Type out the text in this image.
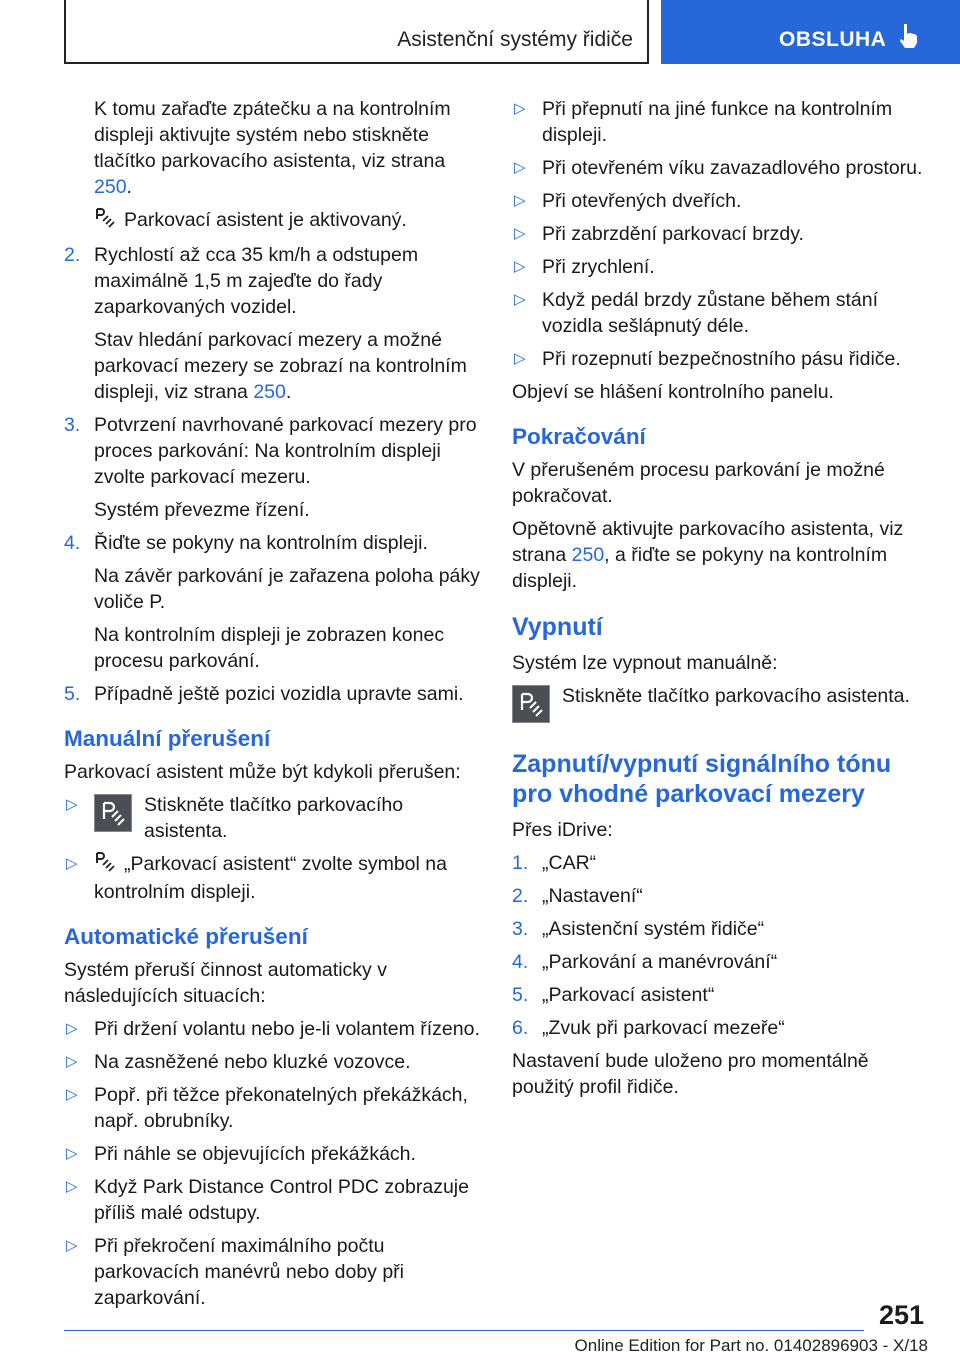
Asistenční systémy řidiče	OBSLUHA

K tomu zařaďte zpátečku a na kontrolním displeji aktivujte systém nebo stiskněte tlačítko parkovacího asistenta, viz strana 250.

Parkovací asistent je aktivovaný.

2. Rychlostí až cca 35 km/h a odstupem maximálně 1,5 m zajeďte do řady zaparkovaných vozidel.
Stav hledání parkovací mezery a možné parkovací mezery se zobrazí na kontrolním displeji, viz strana 250.
3. Potvrzení navrhované parkovací mezery pro proces parkování: Na kontrolním displeji zvolte parkovací mezeru.
Systém převezme řízení.
4. Řiďte se pokyny na kontrolním displeji.
Na závěr parkování je zařazena poloha páky voliče P.
Na kontrolním displeji je zobrazen konec procesu parkování.
5. Případně ještě pozici vozidla upravte sami.
Manuální přerušení

Parkovací asistent může být kdykoli přerušen:

▷	Stiskněte tlačítko parkovacího asistenta.
▷ „Parkovací asistent“ zvolte symbol na kontrolním displeji.
Automatické přerušení

Systém přeruší činnost automaticky v následujících situacích:

▷ Při držení volantu nebo je-li volantem řízeno.
▷ Na zasněžené nebo kluzké vozovce.
▷ Popř. při těžce překonatelných překážkách, např. obrubníky.
▷ Při náhle se objevujících překážkách.
▷ Když Park Distance Control PDC zobrazuje příliš malé odstupy.
▷ Při překročení maximálního počtu parkovacích manévrů nebo doby při zaparkování.
▷ Při přepnutí na jiné funkce na kontrolním displeji.
▷ Při otevřeném víku zavazadlového prostoru.
▷ Při otevřených dveřích.
▷ Při zabrzdění parkovací brzdy.
▷ Při zrychlení.
▷ Když pedál brzdy zůstane během stání vozidla sešlápnutý déle.
▷ Při rozepnutí bezpečnostního pásu řidiče.

Objeví se hlášení kontrolního panelu.

Pokračování

V přerušeném procesu parkování je možné pokračovat.

Opětovně aktivujte parkovacího asistenta, viz strana 250, a řiďte se pokyny na kontrolním displeji.

Vypnutí

Systém lze vypnout manuálně:

Stiskněte tlačítko parkovacího asistenta.
Zapnutí/vypnutí signálního tónu pro vhodné parkovací mezery

Přes iDrive:

1. „CAR“
2. „Nastavení“
3. „Asistenční systém řidiče“
4. „Parkování a manévrování“
5. „Parkovací asistent“
6. „Zvuk při parkovací mezeře“

Nastavení bude uloženo pro momentálně použitý profil řidiče.

251
Online Edition for Part no. 01402896903 - X/18
